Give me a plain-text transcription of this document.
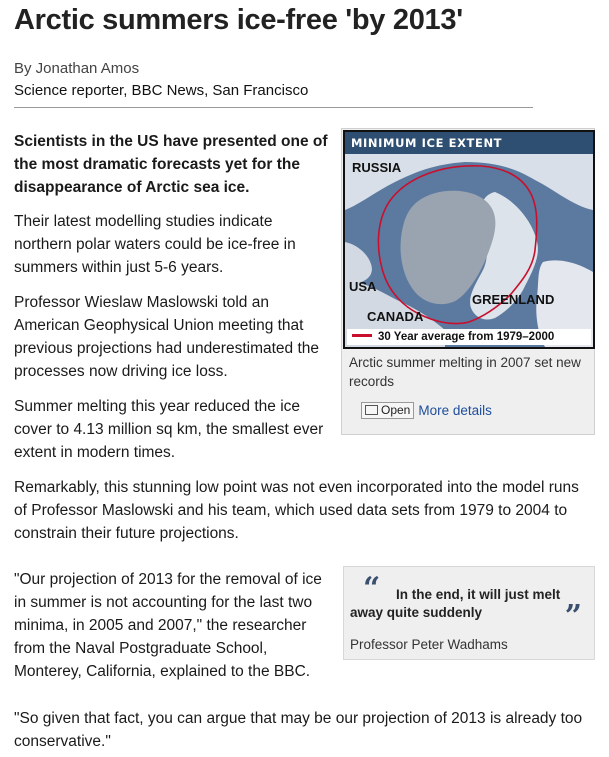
Arctic summers ice-free 'by 2013'
By Jonathan Amos
Science reporter, BBC News, San Francisco

Scientists in the US have presented one of the most dramatic forecasts yet for the disappearance of Arctic sea ice.

Their latest modelling studies indicate northern polar waters could be ice-free in summers within just 5-6 years.

Professor Wieslaw Maslowski told an American Geophysical Union meeting that previous projections had underestimated the processes now driving ice loss.

Summer melting this year reduced the ice cover to 4.13 million sq km, the smallest ever extent in modern times.

Remarkably, this stunning low point was not even incorporated into the model runs of Professor Maslowski and his team, which used data sets from 1979 to 2004 to constrain their future projections.

"Our projection of 2013 for the removal of ice in summer is not accounting for the last two minima, in 2005 and 2007," the researcher from the Naval Postgraduate School, Monterey, California, explained to the BBC.

"So given that fact, you can argue that may be our projection of 2013 is already too conservative."

MINIMUM ICE EXTENT
RUSSIA
USA
GREENLAND
CANADA
30 Year average from 1979–2000
Arctic summer melting in 2007 set new records
Open More details
“	In the end, it will just melt away quite suddenly	”
Professor Peter Wadhams
